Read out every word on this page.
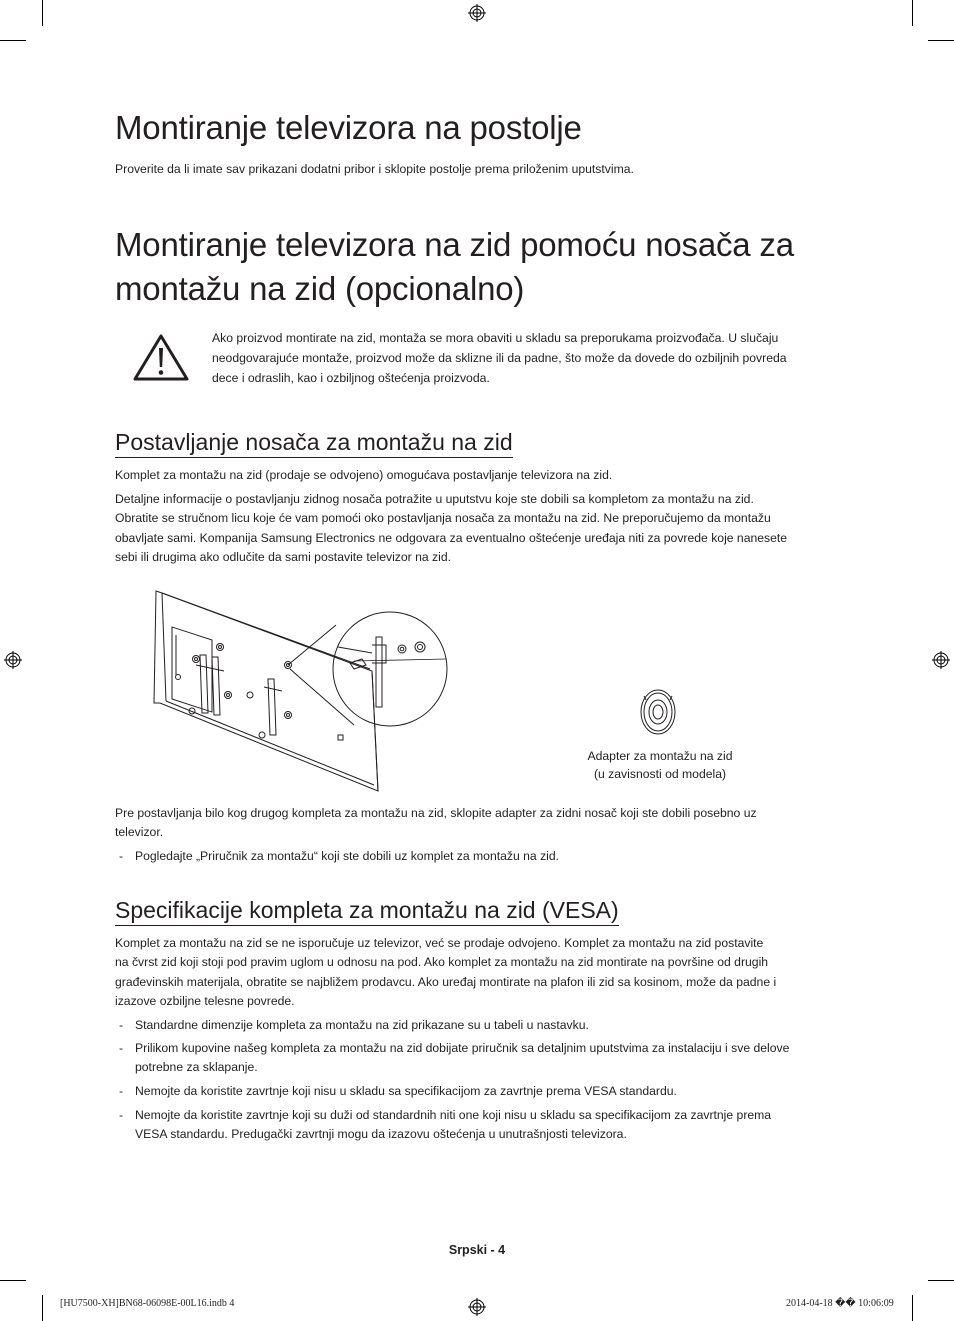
Montiranje televizora na postolje

Proverite da li imate sav prikazani dodatni pribor i sklopite postolje prema priloženim uputstvima.

Montiranje televizora na zid pomoću nosača za
montažu na zid (opcionalno)
Ako proizvod montirate na zid, montaža se mora obaviti u skladu sa preporukama proizvođača. U slučaju
neodgovarajuće montaže, proizvod može da sklizne ili da padne, što može da dovede do ozbiljnih povreda
dece i odraslih, kao i ozbiljnog oštećenja proizvoda.
Postavljanje nosača za montažu na zid

Komplet za montažu na zid (prodaje se odvojeno) omogućava postavljanje televizora na zid.

Detaljne informacije o postavljanju zidnog nosača potražite u uputstvu koje ste dobili sa kompletom za montažu na zid.
Obratite se stručnom licu koje će vam pomoći oko postavljanja nosača za montažu na zid. Ne preporučujemo da montažu
obavljate sami. Kompanija Samsung Electronics ne odgovara za eventualno oštećenje uređaja niti za povrede koje nanesete
sebi ili drugima ako odlučite da sami postavite televizor na zid.
Adapter za montažu na zid
(u zavisnosti od modela)
Pre postavljanja bilo kog drugog kompleta za montažu na zid, sklopite adapter za zidni nosač koji ste dobili posebno uz
televizor.
- Pogledajte „Priručnik za montažu“ koji ste dobili uz komplet za montažu na zid.
Specifikacije kompleta za montažu na zid (VESA)
Komplet za montažu na zid se ne isporučuje uz televizor, već se prodaje odvojeno. Komplet za montažu na zid postavite
na čvrst zid koji stoji pod pravim uglom u odnosu na pod. Ako komplet za montažu na zid montirate na površine od drugih
građevinskih materijala, obratite se najbližem prodavcu. Ako uređaj montirate na plafon ili zid sa kosinom, može da padne i
izazove ozbiljne telesne povrede.
- Standardne dimenzije kompleta za montažu na zid prikazane su u tabeli u nastavku.
- Prilikom kupovine našeg kompleta za montažu na zid dobijate priručnik sa detaljnim uputstvima za instalaciju i sve delove
potrebne za sklapanje.
- Nemojte da koristite zavrtnje koji nisu u skladu sa specifikacijom za zavrtnje prema VESA standardu.
- Nemojte da koristite zavrtnje koji su duži od standardnih niti one koji nisu u skladu sa specifikacijom za zavrtnje prema
VESA standardu. Predugački zavrtnji mogu da izazovu oštećenja u unutrašnjosti televizora.
Srpski - 4
[HU7500-XH]BN68-06098E-00L16.indb 4	2014-04-18 �� 10:06:09
